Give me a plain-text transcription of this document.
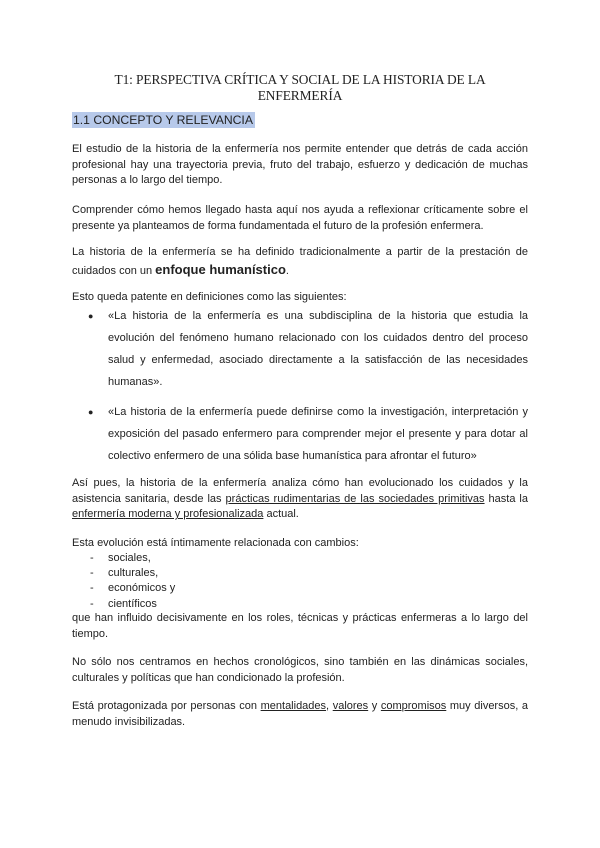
T1: PERSPECTIVA CRÍTICA Y SOCIAL DE LA HISTORIA DE LA ENFERMERÍA
1.1 CONCEPTO Y RELEVANCIA

El estudio de la historia de la enfermería nos permite entender que detrás de cada acción profesional hay una trayectoria previa, fruto del trabajo, esfuerzo y dedicación de muchas personas a lo largo del tiempo.

Comprender cómo hemos llegado hasta aquí nos ayuda a reflexionar críticamente sobre el presente ya planteamos de forma fundamentada el futuro de la profesión enfermera.

La historia de la enfermería se ha definido tradicionalmente a partir de la prestación de cuidados con un enfoque humanístico.

Esto queda patente en definiciones como las siguientes:

● «La historia de la enfermería es una subdisciplina de la historia que estudia la evolución del fenómeno humano relacionado con los cuidados dentro del proceso salud y enfermedad, asociado directamente a la satisfacción de las necesidades humanas».
● «La historia de la enfermería puede definirse como la investigación, interpretación y exposición del pasado enfermero para comprender mejor el presente y para dotar al colectivo enfermero de una sólida base humanística para afrontar el futuro»

Así pues, la historia de la enfermería analiza cómo han evolucionado los cuidados y la asistencia sanitaria, desde las prácticas rudimentarias de las sociedades primitivas hasta la enfermería moderna y profesionalizada actual.

Esta evolución está íntimamente relacionada con cambios:

- sociales,
- culturales,
- económicos y
- científicos

que han influido decisivamente en los roles, técnicas y prácticas enfermeras a lo largo del tiempo.

No sólo nos centramos en hechos cronológicos, sino también en las dinámicas sociales, culturales y políticas que han condicionado la profesión.

Está protagonizada por personas con mentalidades, valores y compromisos muy diversos, a menudo invisibilizadas.
